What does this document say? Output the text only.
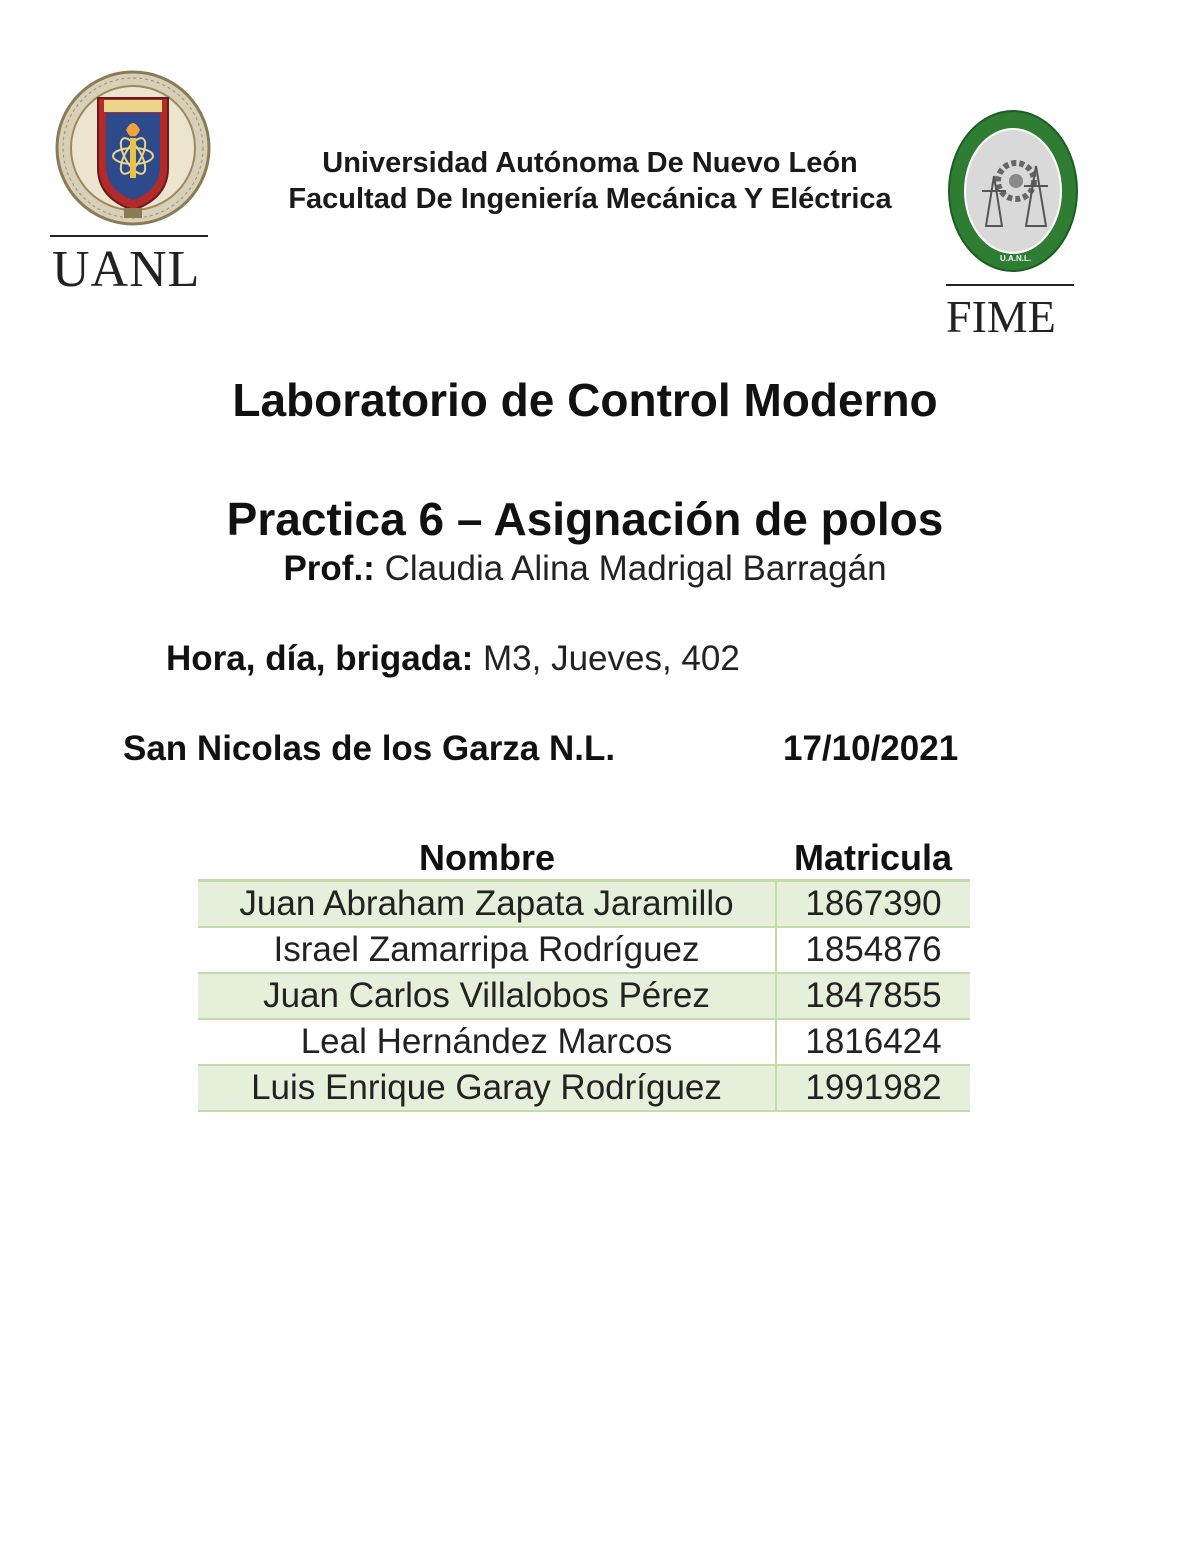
UANL
Universidad Autónoma De Nuevo León
Facultad De Ingeniería Mecánica Y Eléctrica
U.A.N.L.
FIME
Laboratorio de Control Moderno
Practica 6 – Asignación de polos
Prof.: Claudia Alina Madrigal Barragán
Hora, día, brigada: M3, Jueves, 402
San Nicolas de los Garza N.L.	17/10/2021
Nombre	Matricula
Juan Abraham Zapata Jaramillo	1867390
Israel Zamarripa Rodríguez	1854876
Juan Carlos Villalobos Pérez	1847855
Leal Hernández Marcos	1816424
Luis Enrique Garay Rodríguez	1991982
